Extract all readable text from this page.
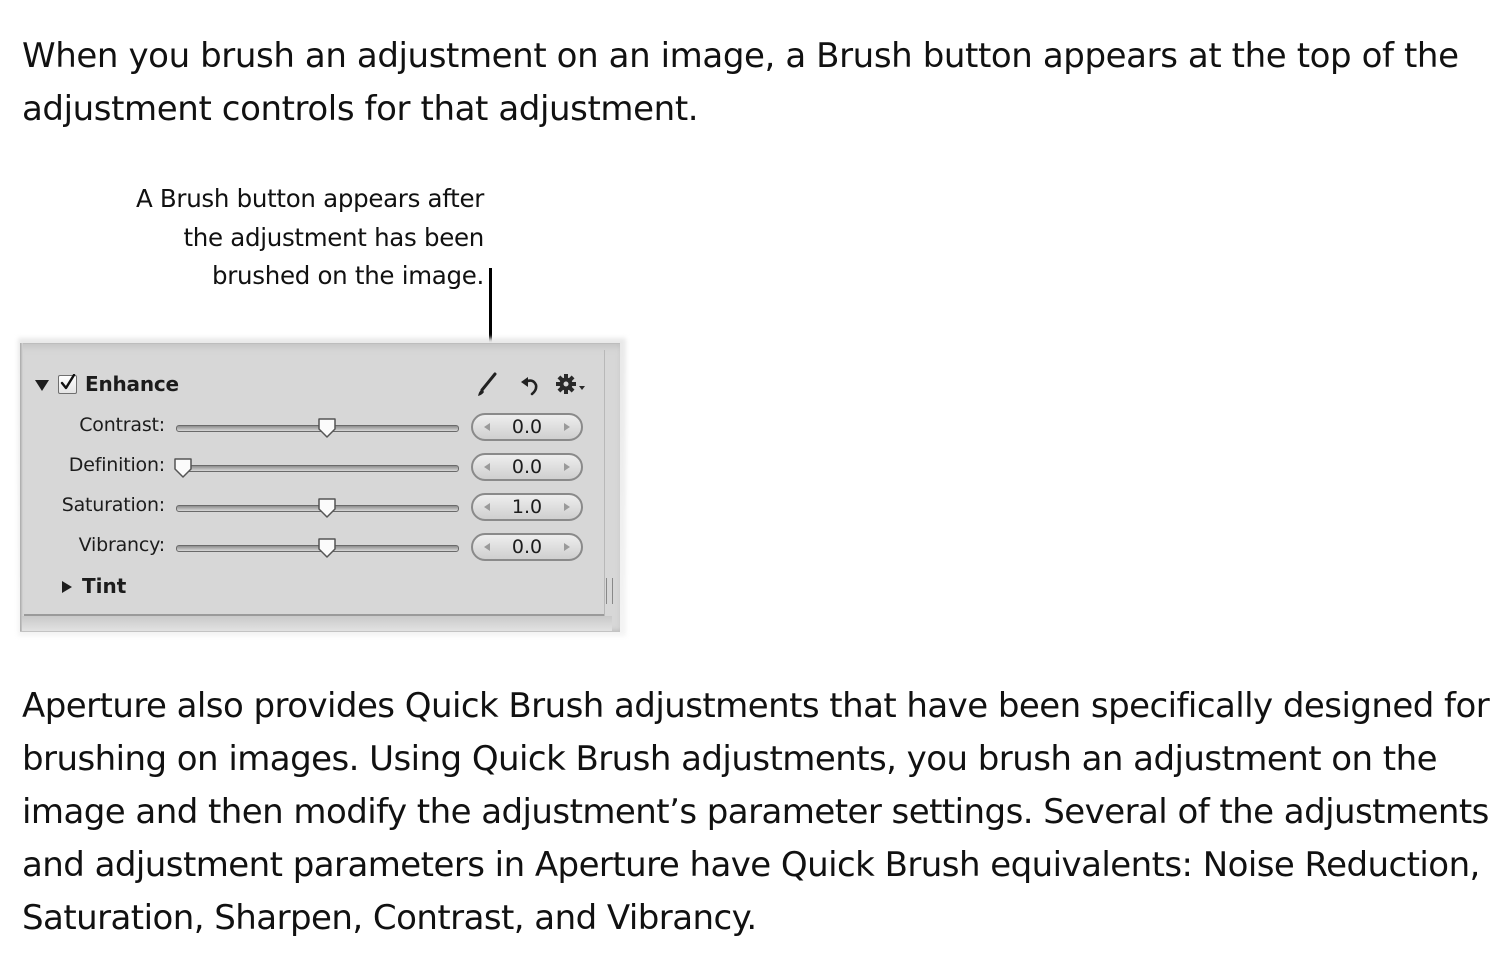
When you brush an adjustment on an image, a Brush button appears at the top of the adjustment controls for that adjustment.

A Brush button appears after
the adjustment has been
brushed on the image.
Enhance
Contrast:	0.0
Definition:	0.0
Saturation:	1.0
Vibrancy:	0.0
Tint

Aperture also provides Quick Brush adjustments that have been specifically designed for brushing on images. Using Quick Brush adjustments, you brush an adjustment on the image and then modify the adjustment’s parameter settings. Several of the adjustments and adjustment parameters in Aperture have Quick Brush equivalents: Noise Reduction, Saturation, Sharpen, Contrast, and Vibrancy.
